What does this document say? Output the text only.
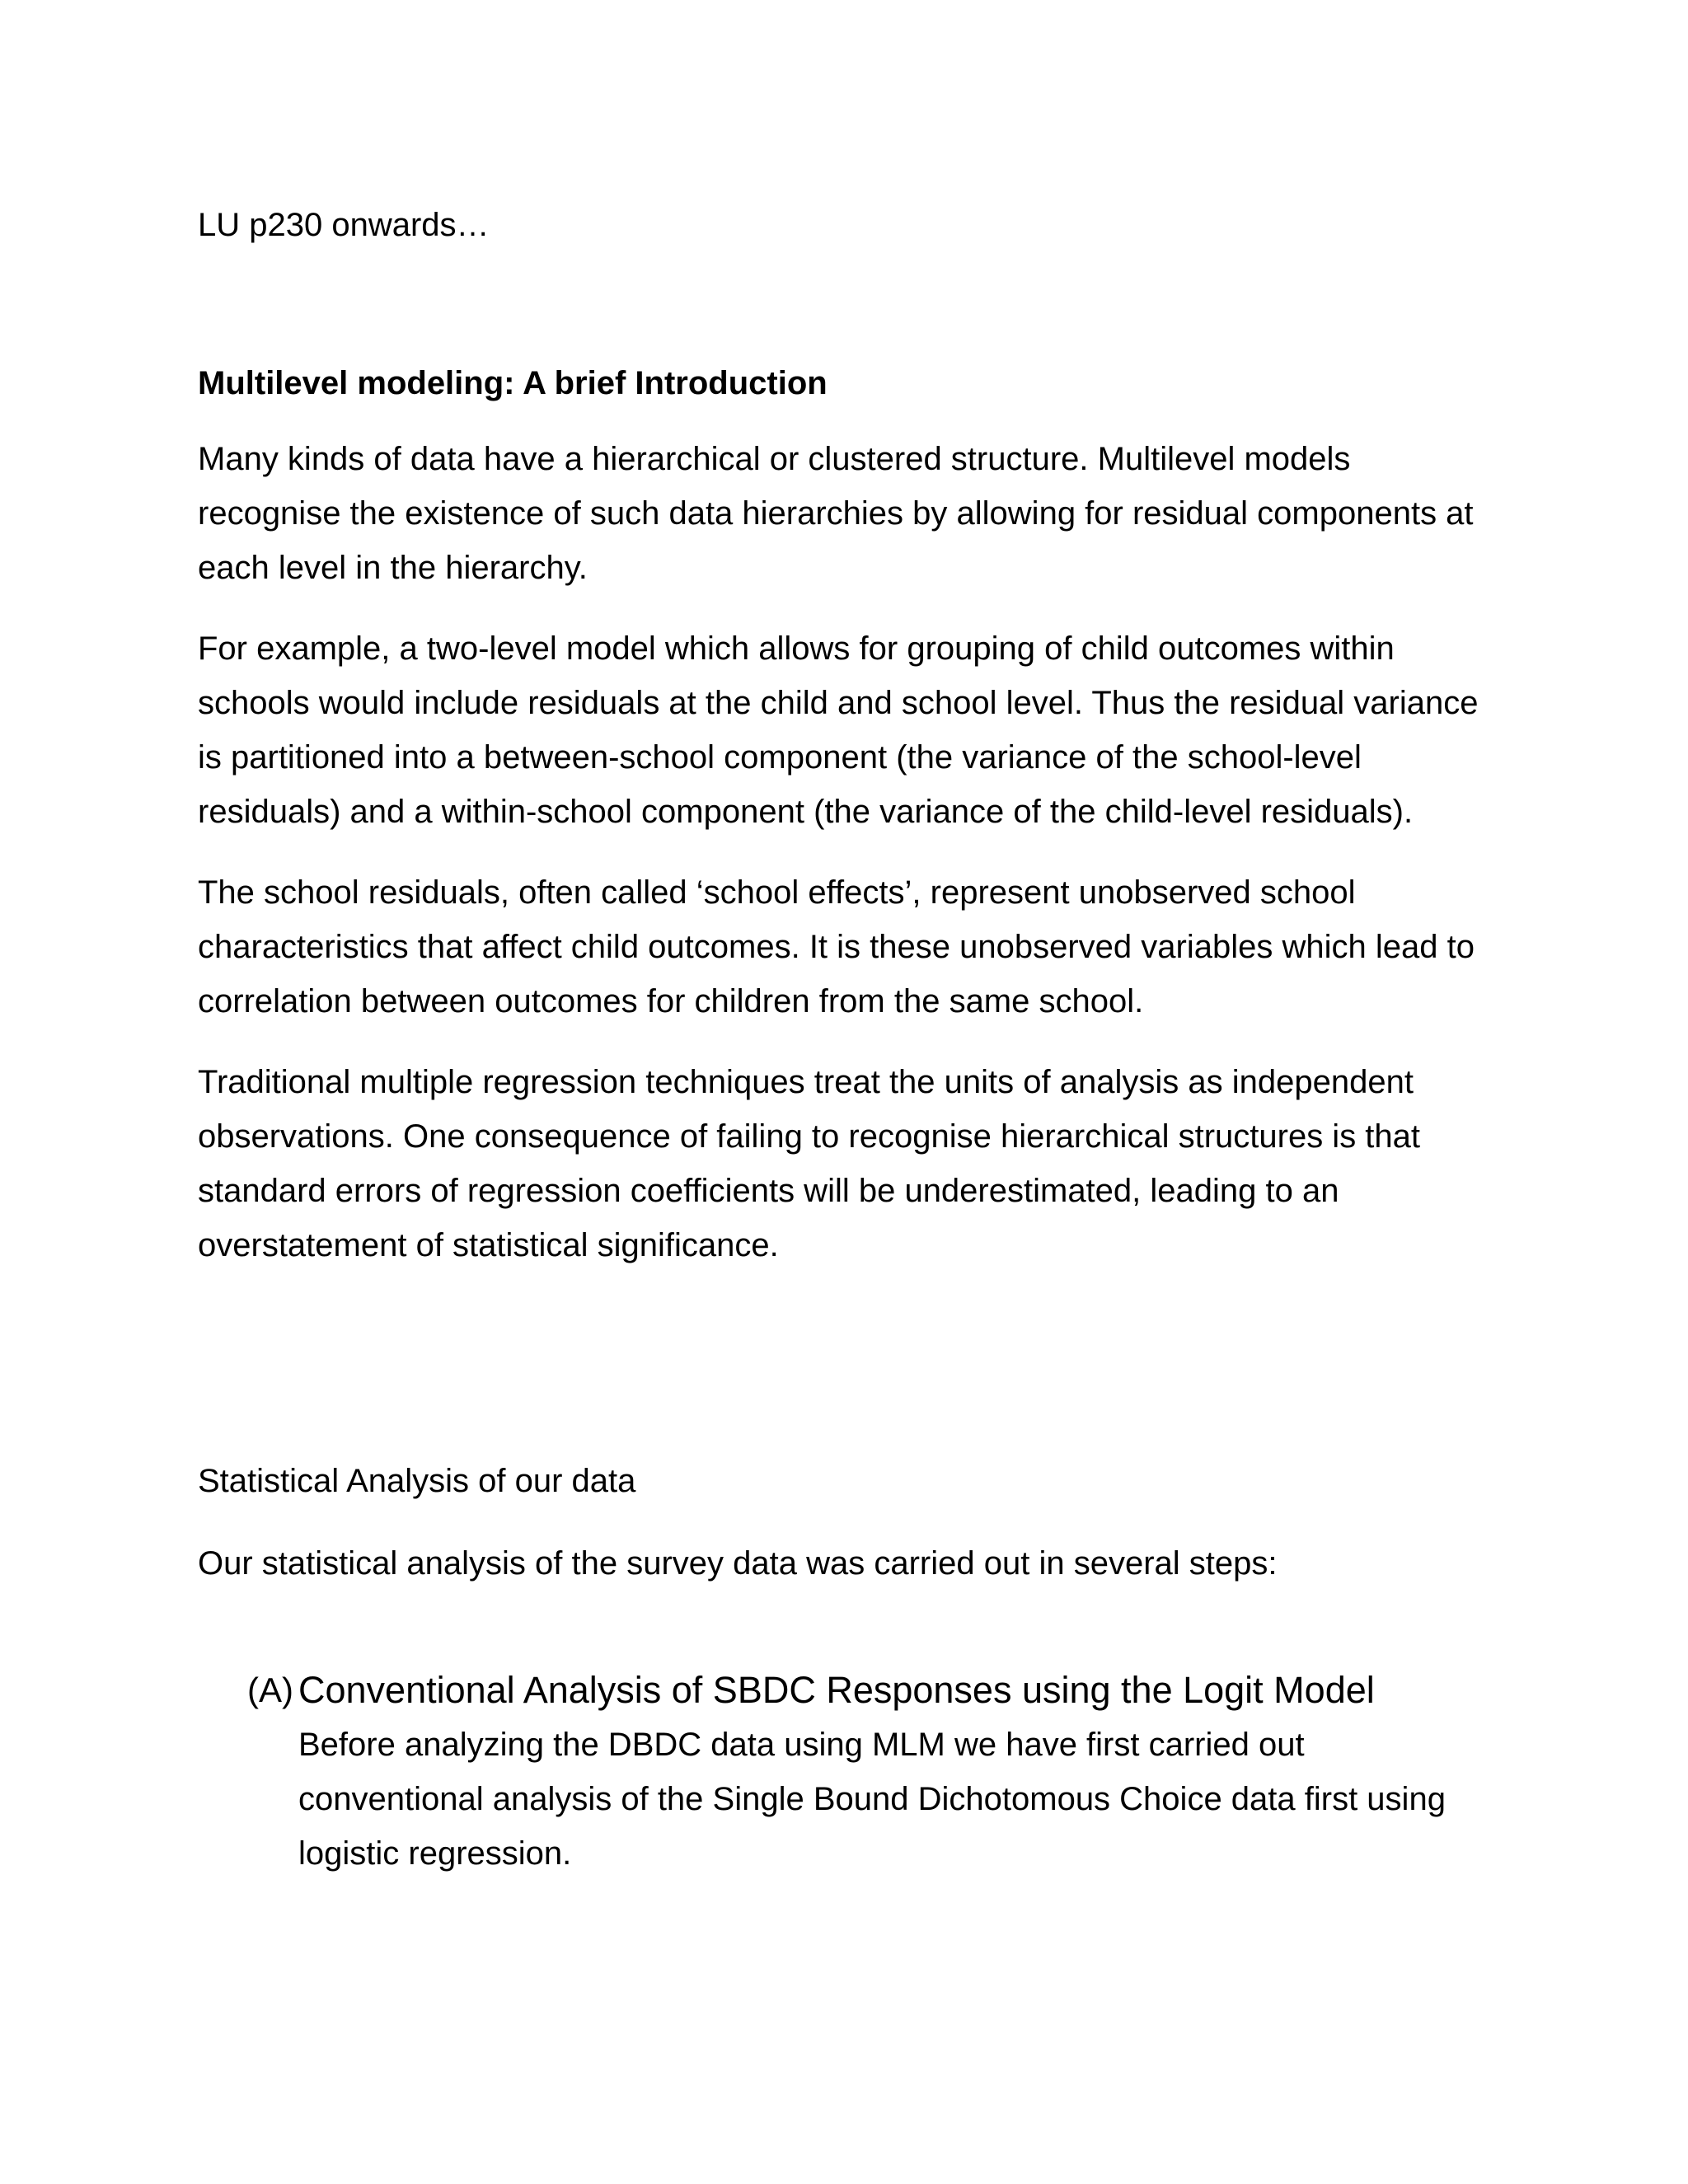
LU p230 onwards…

Multilevel modeling: A brief Introduction

Many kinds of data have a hierarchical or clustered structure. Multilevel models recognise the existence of such data hierarchies by allowing for residual components at each level in the hierarchy.

For example, a two-level model which allows for grouping of child outcomes within schools would include residuals at the child and school level. Thus the residual variance is partitioned into a between-school component (the variance of the school-level residuals) and a within-school component (the variance of the child-level residuals).

The school residuals, often called ‘school effects’, represent unobserved school characteristics that affect child outcomes. It is these unobserved variables which lead to correlation between outcomes for children from the same school.

Traditional multiple regression techniques treat the units of analysis as independent observations. One consequence of failing to recognise hierarchical structures is that standard errors of regression coefficients will be underestimated, leading to an overstatement of statistical significance.

Statistical Analysis of our data

Our statistical analysis of the survey data was carried out in several steps:

(A) Conventional Analysis of SBDC Responses using the Logit Model

Before analyzing the DBDC data using MLM we have first carried out conventional analysis of the Single Bound Dichotomous Choice data first using logistic regression.
